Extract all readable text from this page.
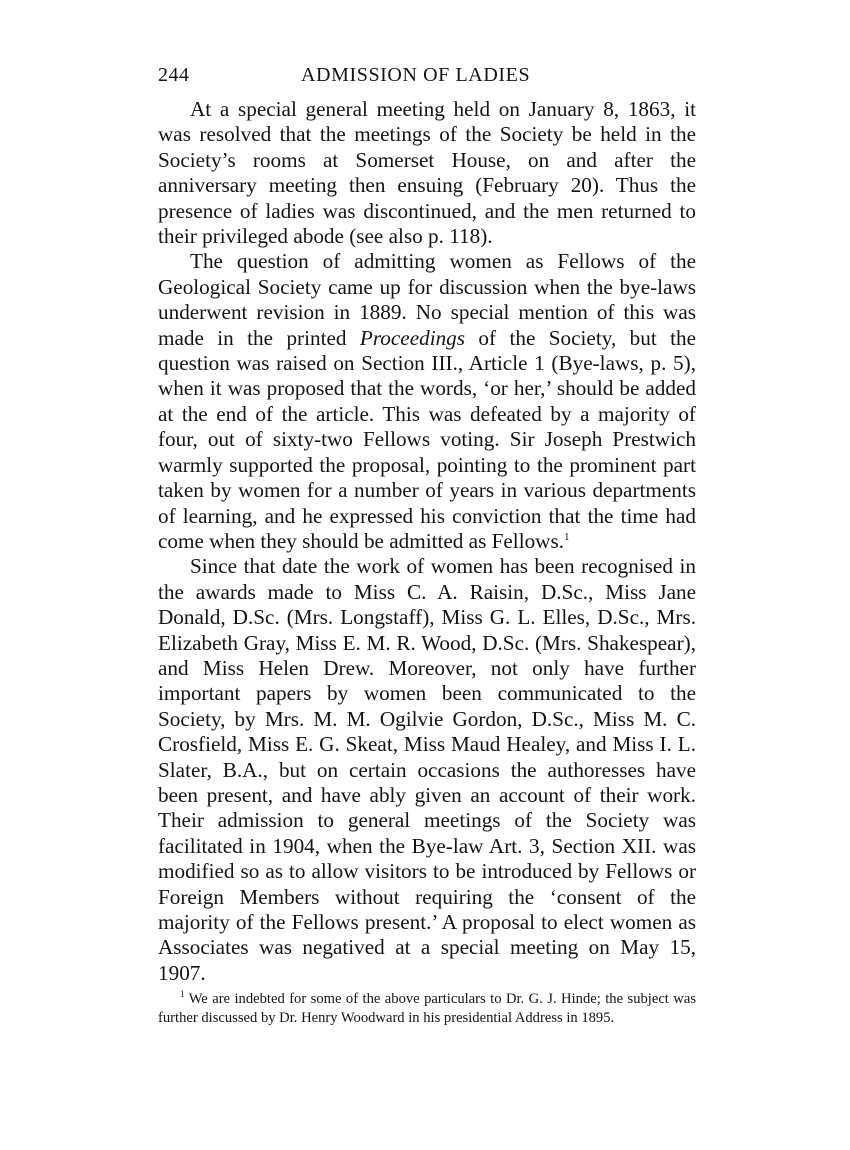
244	ADMISSION OF LADIES

At a special general meeting held on January 8, 1863, it was resolved that the meetings of the Society be held in the Society’s rooms at Somerset House, on and after the anniversary meeting then ensuing (February 20). Thus the presence of ladies was discontinued, and the men returned to their privileged abode (see also p. 118).

The question of admitting women as Fellows of the Geological Society came up for discussion when the bye-laws underwent revision in 1889. No special mention of this was made in the printed Proceedings of the Society, but the question was raised on Section III., Article 1 (Bye-laws, p. 5), when it was proposed that the words, ‘or her,’ should be added at the end of the article. This was defeated by a majority of four, out of sixty-two Fellows voting. Sir Joseph Prestwich warmly supported the proposal, pointing to the prominent part taken by women for a number of years in various departments of learning, and he expressed his conviction that the time had come when they should be admitted as Fellows.$^1$

Since that date the work of women has been recognised in the awards made to Miss C. A. Raisin, D.Sc., Miss Jane Donald, D.Sc. (Mrs. Longstaff), Miss G. L. Elles, D.Sc., Mrs. Elizabeth Gray, Miss E. M. R. Wood, D.Sc. (Mrs. Shakespear), and Miss Helen Drew. Moreover, not only have further important papers by women been communicated to the Society, by Mrs. M. M. Ogilvie Gordon, D.Sc., Miss M. C. Crosfield, Miss E. G. Skeat, Miss Maud Healey, and Miss I. L. Slater, B.A., but on certain occasions the authoresses have been present, and have ably given an account of their work. Their admission to general meetings of the Society was facilitated in 1904, when the Bye-law Art. 3, Section XII. was modified so as to allow visitors to be introduced by Fellows or Foreign Members without requiring the ‘consent of the majority of the Fellows present.’ A proposal to elect women as Associates was negatived at a special meeting on May 15, 1907.

$^1$ We are indebted for some of the above particulars to Dr. G. J. Hinde; the subject was further discussed by Dr. Henry Woodward in his presidential Address in 1895.
